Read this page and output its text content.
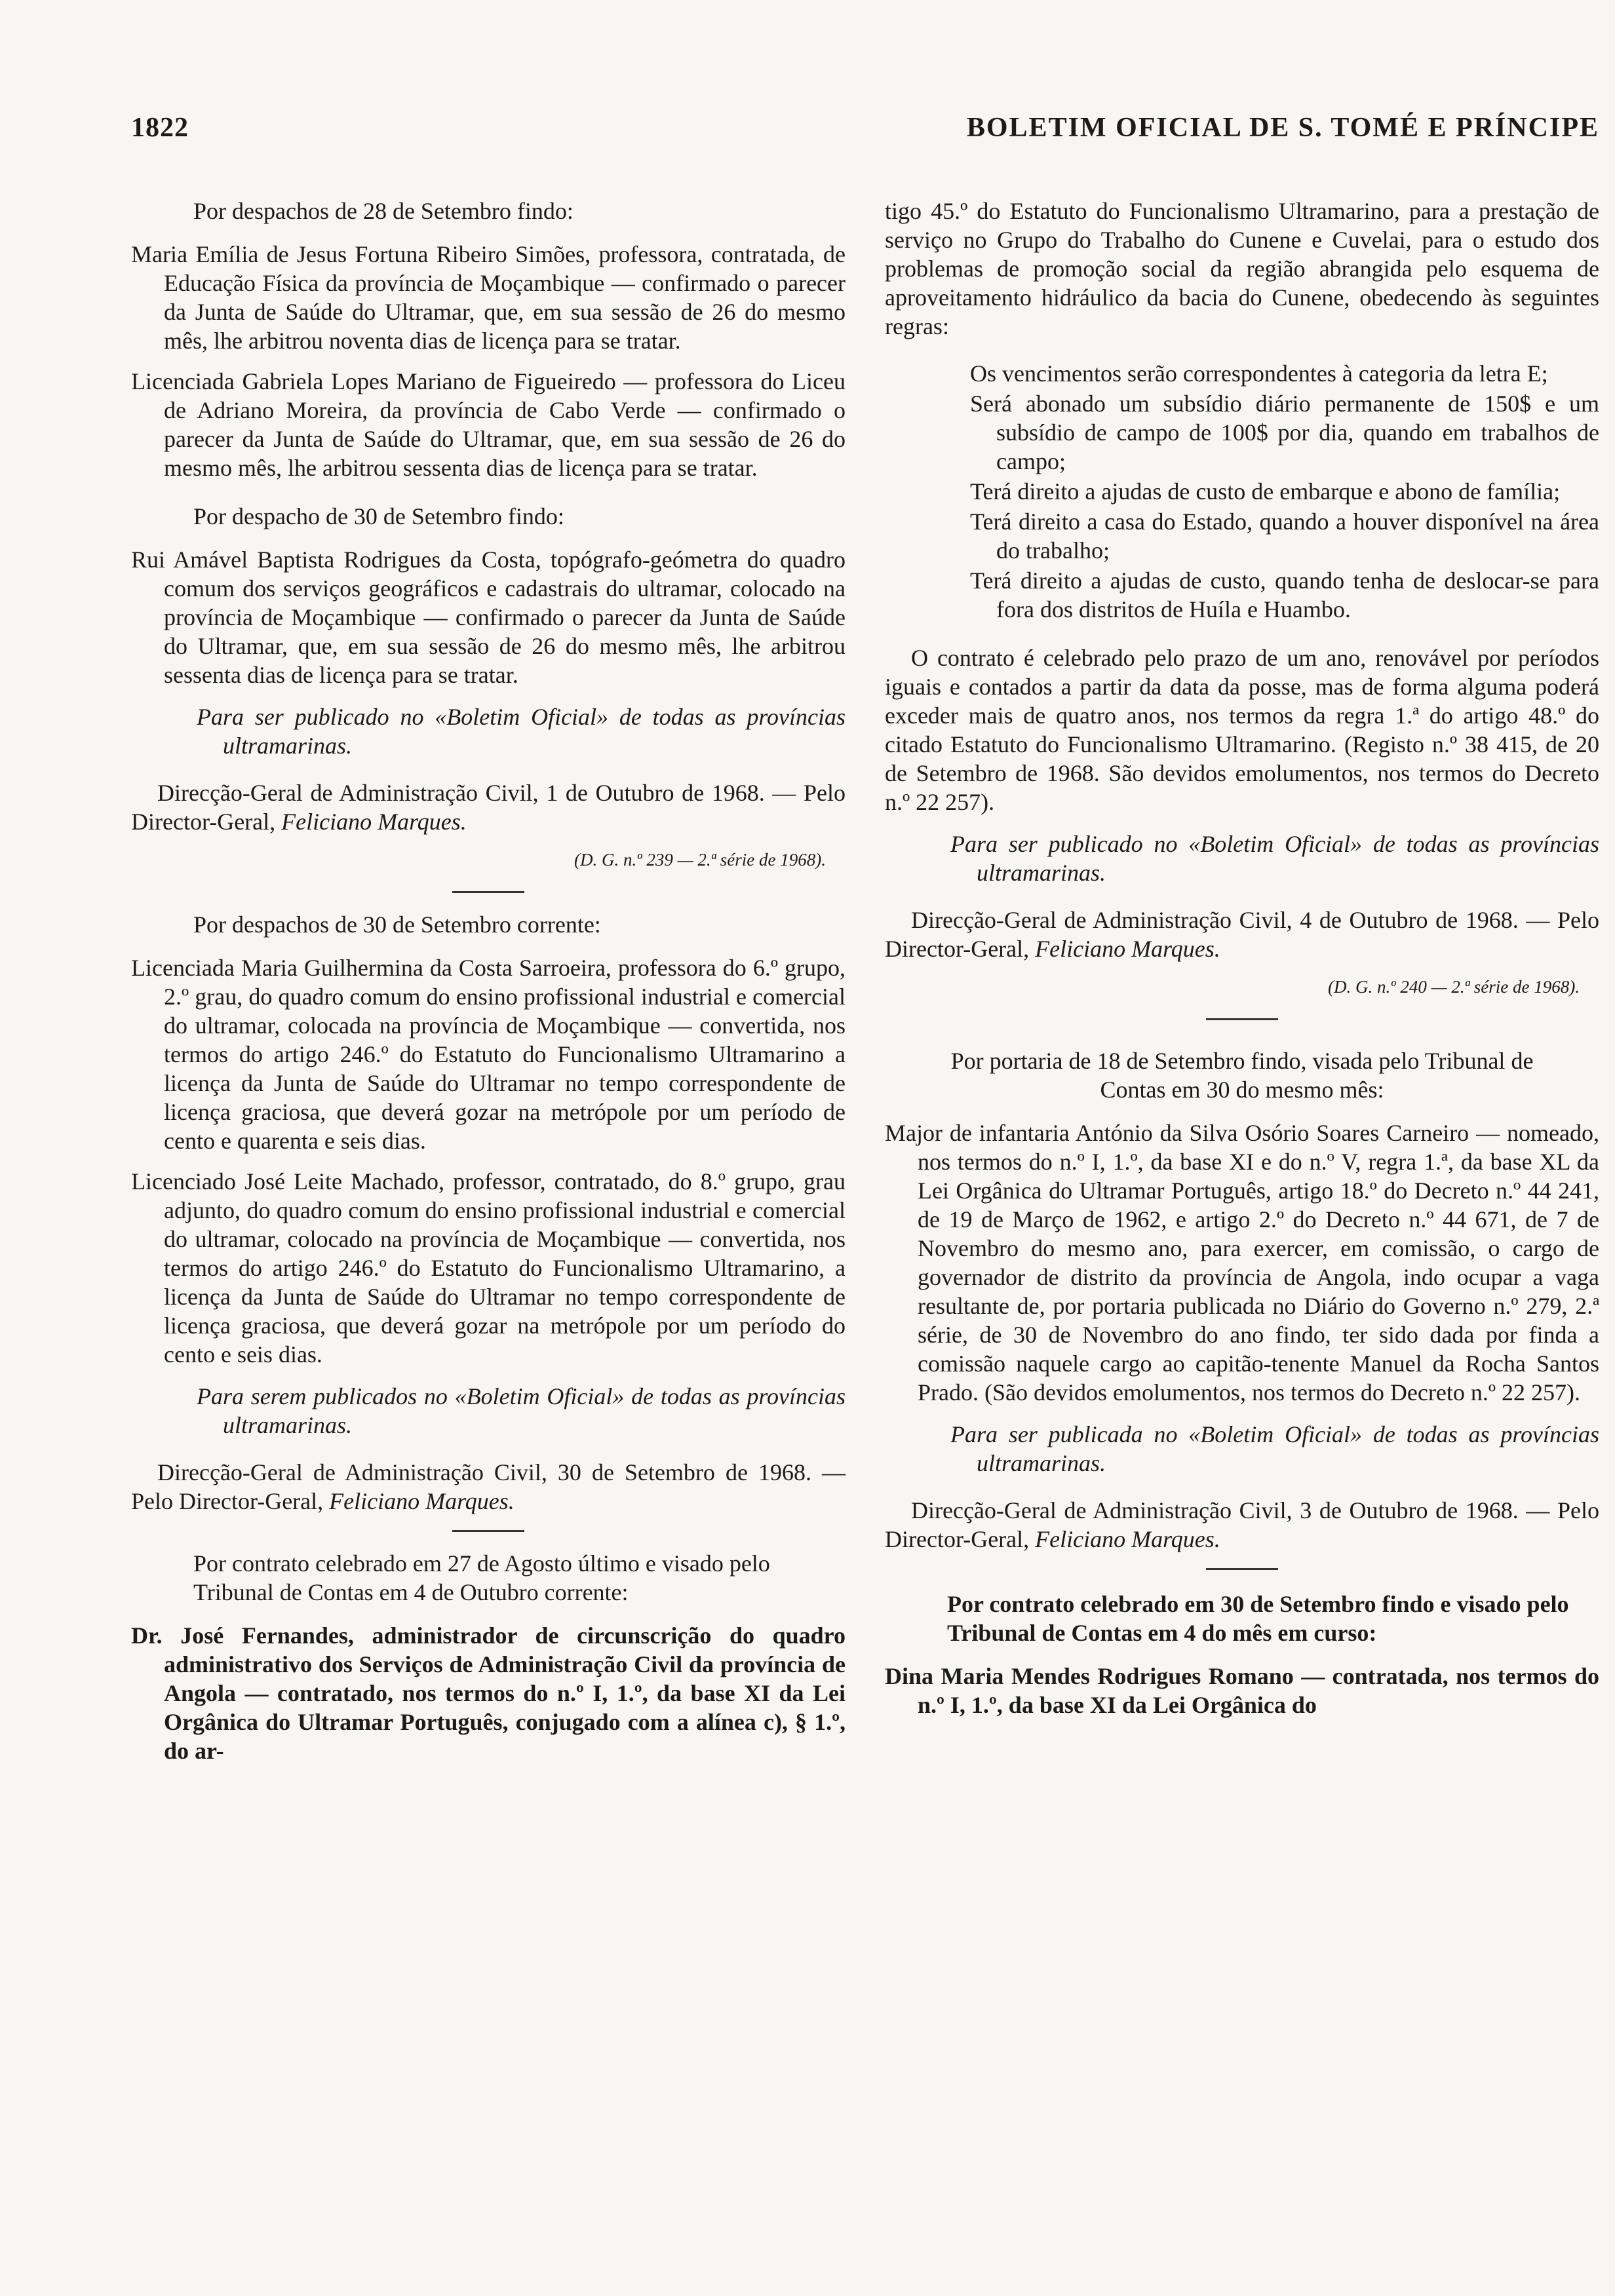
1822	BOLETIM OFICIAL DE S. TOMÉ E PRÍNCIPE

Por despachos de 28 de Setembro findo:

Maria Emília de Jesus Fortuna Ribeiro Simões, professora, contratada, de Educação Física da província de Moçambique — confirmado o parecer da Junta de Saúde do Ultramar, que, em sua sessão de 26 do mesmo mês, lhe arbitrou noventa dias de licença para se tratar.

Licenciada Gabriela Lopes Mariano de Figueiredo — professora do Liceu de Adriano Moreira, da província de Cabo Verde — confirmado o parecer da Junta de Saúde do Ultramar, que, em sua sessão de 26 do mesmo mês, lhe arbitrou sessenta dias de licença para se tratar.

Por despacho de 30 de Setembro findo:

Rui Amável Baptista Rodrigues da Costa, topógrafo-geómetra do quadro comum dos serviços geográficos e cadastrais do ultramar, colocado na província de Moçambique — confirmado o parecer da Junta de Saúde do Ultramar, que, em sua sessão de 26 do mesmo mês, lhe arbitrou sessenta dias de licença para se tratar.

Para ser publicado no «Boletim Oficial» de todas as províncias ultramarinas.

Direcção-Geral de Administração Civil, 1 de Outubro de 1968. — Pelo Director-Geral, Feliciano Marques.

(D. G. n.º 239 — 2.ª série de 1968).

Por despachos de 30 de Setembro corrente:

Licenciada Maria Guilhermina da Costa Sarroeira, professora do 6.º grupo, 2.º grau, do quadro comum do ensino profissional industrial e comercial do ultramar, colocada na província de Moçambique — convertida, nos termos do artigo 246.º do Estatuto do Funcionalismo Ultramarino a licença da Junta de Saúde do Ultramar no tempo correspondente de licença graciosa, que deverá gozar na metrópole por um período de cento e quarenta e seis dias.

Licenciado José Leite Machado, professor, contratado, do 8.º grupo, grau adjunto, do quadro comum do ensino profissional industrial e comercial do ultramar, colocado na província de Moçambique — convertida, nos termos do artigo 246.º do Estatuto do Funcionalismo Ultramarino, a licença da Junta de Saúde do Ultramar no tempo correspondente de licença graciosa, que deverá gozar na metrópole por um período do cento e seis dias.

Para serem publicados no «Boletim Oficial» de todas as províncias ultramarinas.

Direcção-Geral de Administração Civil, 30 de Setembro de 1968. — Pelo Director-Geral, Feliciano Marques.

Por contrato celebrado em 27 de Agosto último e visado pelo Tribunal de Contas em 4 de Outubro corrente:

Dr. José Fernandes, administrador de circunscrição do quadro administrativo dos Serviços de Administração Civil da província de Angola — contratado, nos termos do n.º I, 1.º, da base XI da Lei Orgânica do Ultramar Português, conjugado com a alínea c), § 1.º, do ar-

tigo 45.º do Estatuto do Funcionalismo Ultramarino, para a prestação de serviço no Grupo do Trabalho do Cunene e Cuvelai, para o estudo dos problemas de promoção social da região abrangida pelo esquema de aproveitamento hidráulico da bacia do Cunene, obedecendo às seguintes regras:

Os vencimentos serão correspondentes à categoria da letra E;

Será abonado um subsídio diário permanente de 150$ e um subsídio de campo de 100$ por dia, quando em trabalhos de campo;

Terá direito a ajudas de custo de embarque e abono de família;

Terá direito a casa do Estado, quando a houver disponível na área do trabalho;

Terá direito a ajudas de custo, quando tenha de deslocar-se para fora dos distritos de Huíla e Huambo.

O contrato é celebrado pelo prazo de um ano, renovável por períodos iguais e contados a partir da data da posse, mas de forma alguma poderá exceder mais de quatro anos, nos termos da regra 1.ª do artigo 48.º do citado Estatuto do Funcionalismo Ultramarino. (Registo n.º 38 415, de 20 de Setembro de 1968. São devidos emolumentos, nos termos do Decreto n.º 22 257).

Para ser publicado no «Boletim Oficial» de todas as províncias ultramarinas.

Direcção-Geral de Administração Civil, 4 de Outubro de 1968. — Pelo Director-Geral, Feliciano Marques.

(D. G. n.º 240 — 2.ª série de 1968).

Por portaria de 18 de Setembro findo, visada pelo Tribunal de Contas em 30 do mesmo mês:

Major de infantaria António da Silva Osório Soares Carneiro — nomeado, nos termos do n.º I, 1.º, da base XI e do n.º V, regra 1.ª, da base XL da Lei Orgânica do Ultramar Português, artigo 18.º do Decreto n.º 44 241, de 19 de Março de 1962, e artigo 2.º do Decreto n.º 44 671, de 7 de Novembro do mesmo ano, para exercer, em comissão, o cargo de governador de distrito da província de Angola, indo ocupar a vaga resultante de, por portaria publicada no Diário do Governo n.º 279, 2.ª série, de 30 de Novembro do ano findo, ter sido dada por finda a comissão naquele cargo ao capitão-tenente Manuel da Rocha Santos Prado. (São devidos emolumentos, nos termos do Decreto n.º 22 257).

Para ser publicada no «Boletim Oficial» de todas as províncias ultramarinas.

Direcção-Geral de Administração Civil, 3 de Outubro de 1968. — Pelo Director-Geral, Feliciano Marques.

Por contrato celebrado em 30 de Setembro findo e visado pelo Tribunal de Contas em 4 do mês em curso:

Dina Maria Mendes Rodrigues Romano — contratada, nos termos do n.º I, 1.º, da base XI da Lei Orgânica do
